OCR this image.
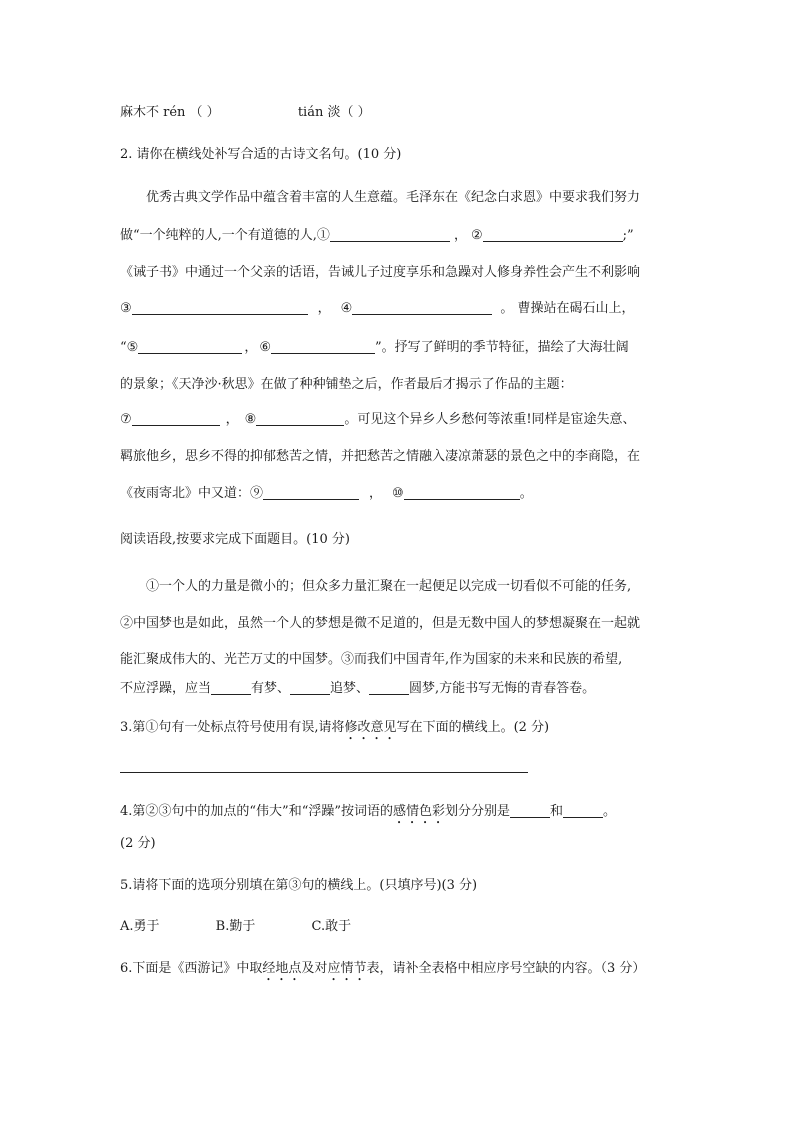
麻木不 rén （ ）	tián 淡（ ）
2. 请你在横线处补写合适的古诗文名句。(10 分)
优秀古典文学作品中蕴含着丰富的人生意蕴。毛泽东在《纪念白求恩》中要求我们努力
做“一个纯粹的人,一个有道德的人,①	， ②	;”
《诫子书》中通过一个父亲的话语，告诫儿子过度享乐和急躁对人修身养性会产生不利影响
③	， ④	。 曹操站在碣石山上，
“⑤	， ⑥	”。抒写了鲜明的季节特征，描绘了大海壮阔
的景象；《天净沙·秋思》在做了种种铺垫之后，作者最后才揭示了作品的主题：
⑦	， ⑧	。可见这个异乡人乡愁何等浓重!同样是宦途失意、
羁旅他乡，思乡不得的抑郁愁苦之情，并把愁苦之情融入凄凉萧瑟的景色之中的李商隐，在
《夜雨寄北》中又道：⑨	， ⑩	。
阅读语段,按要求完成下面题目。(10 分)
①一个人的力量是微小的；但众多力量汇聚在一起便足以完成一切看似不可能的任务,
②中国梦也是如此，虽然一个人的梦想是微不足道的，但是无数中国人的梦想凝聚在一起就
能汇聚成伟大的、光芒万丈的中国梦。③而我们中国青年,作为国家的未来和民族的希望,
不应浮躁，应当	有梦、	追梦、	圆梦,方能书写无悔的青春答卷。
3.第①句有一处标点符号使用有误,请将修改意见写在下面的横线上。(2 分)
4.第②③句中的加点的“伟大”和“浮躁”按词语的感情色彩划分分别是	和	。
(2 分)
5.请将下面的选项分别填在第③句的横线上。(只填序号)(3 分)
A.勇于	B.勤于	C.敢于
6.下面是《西游记》中取经地点及对应情节表，请补全表格中相应序号空缺的内容。（3 分）
